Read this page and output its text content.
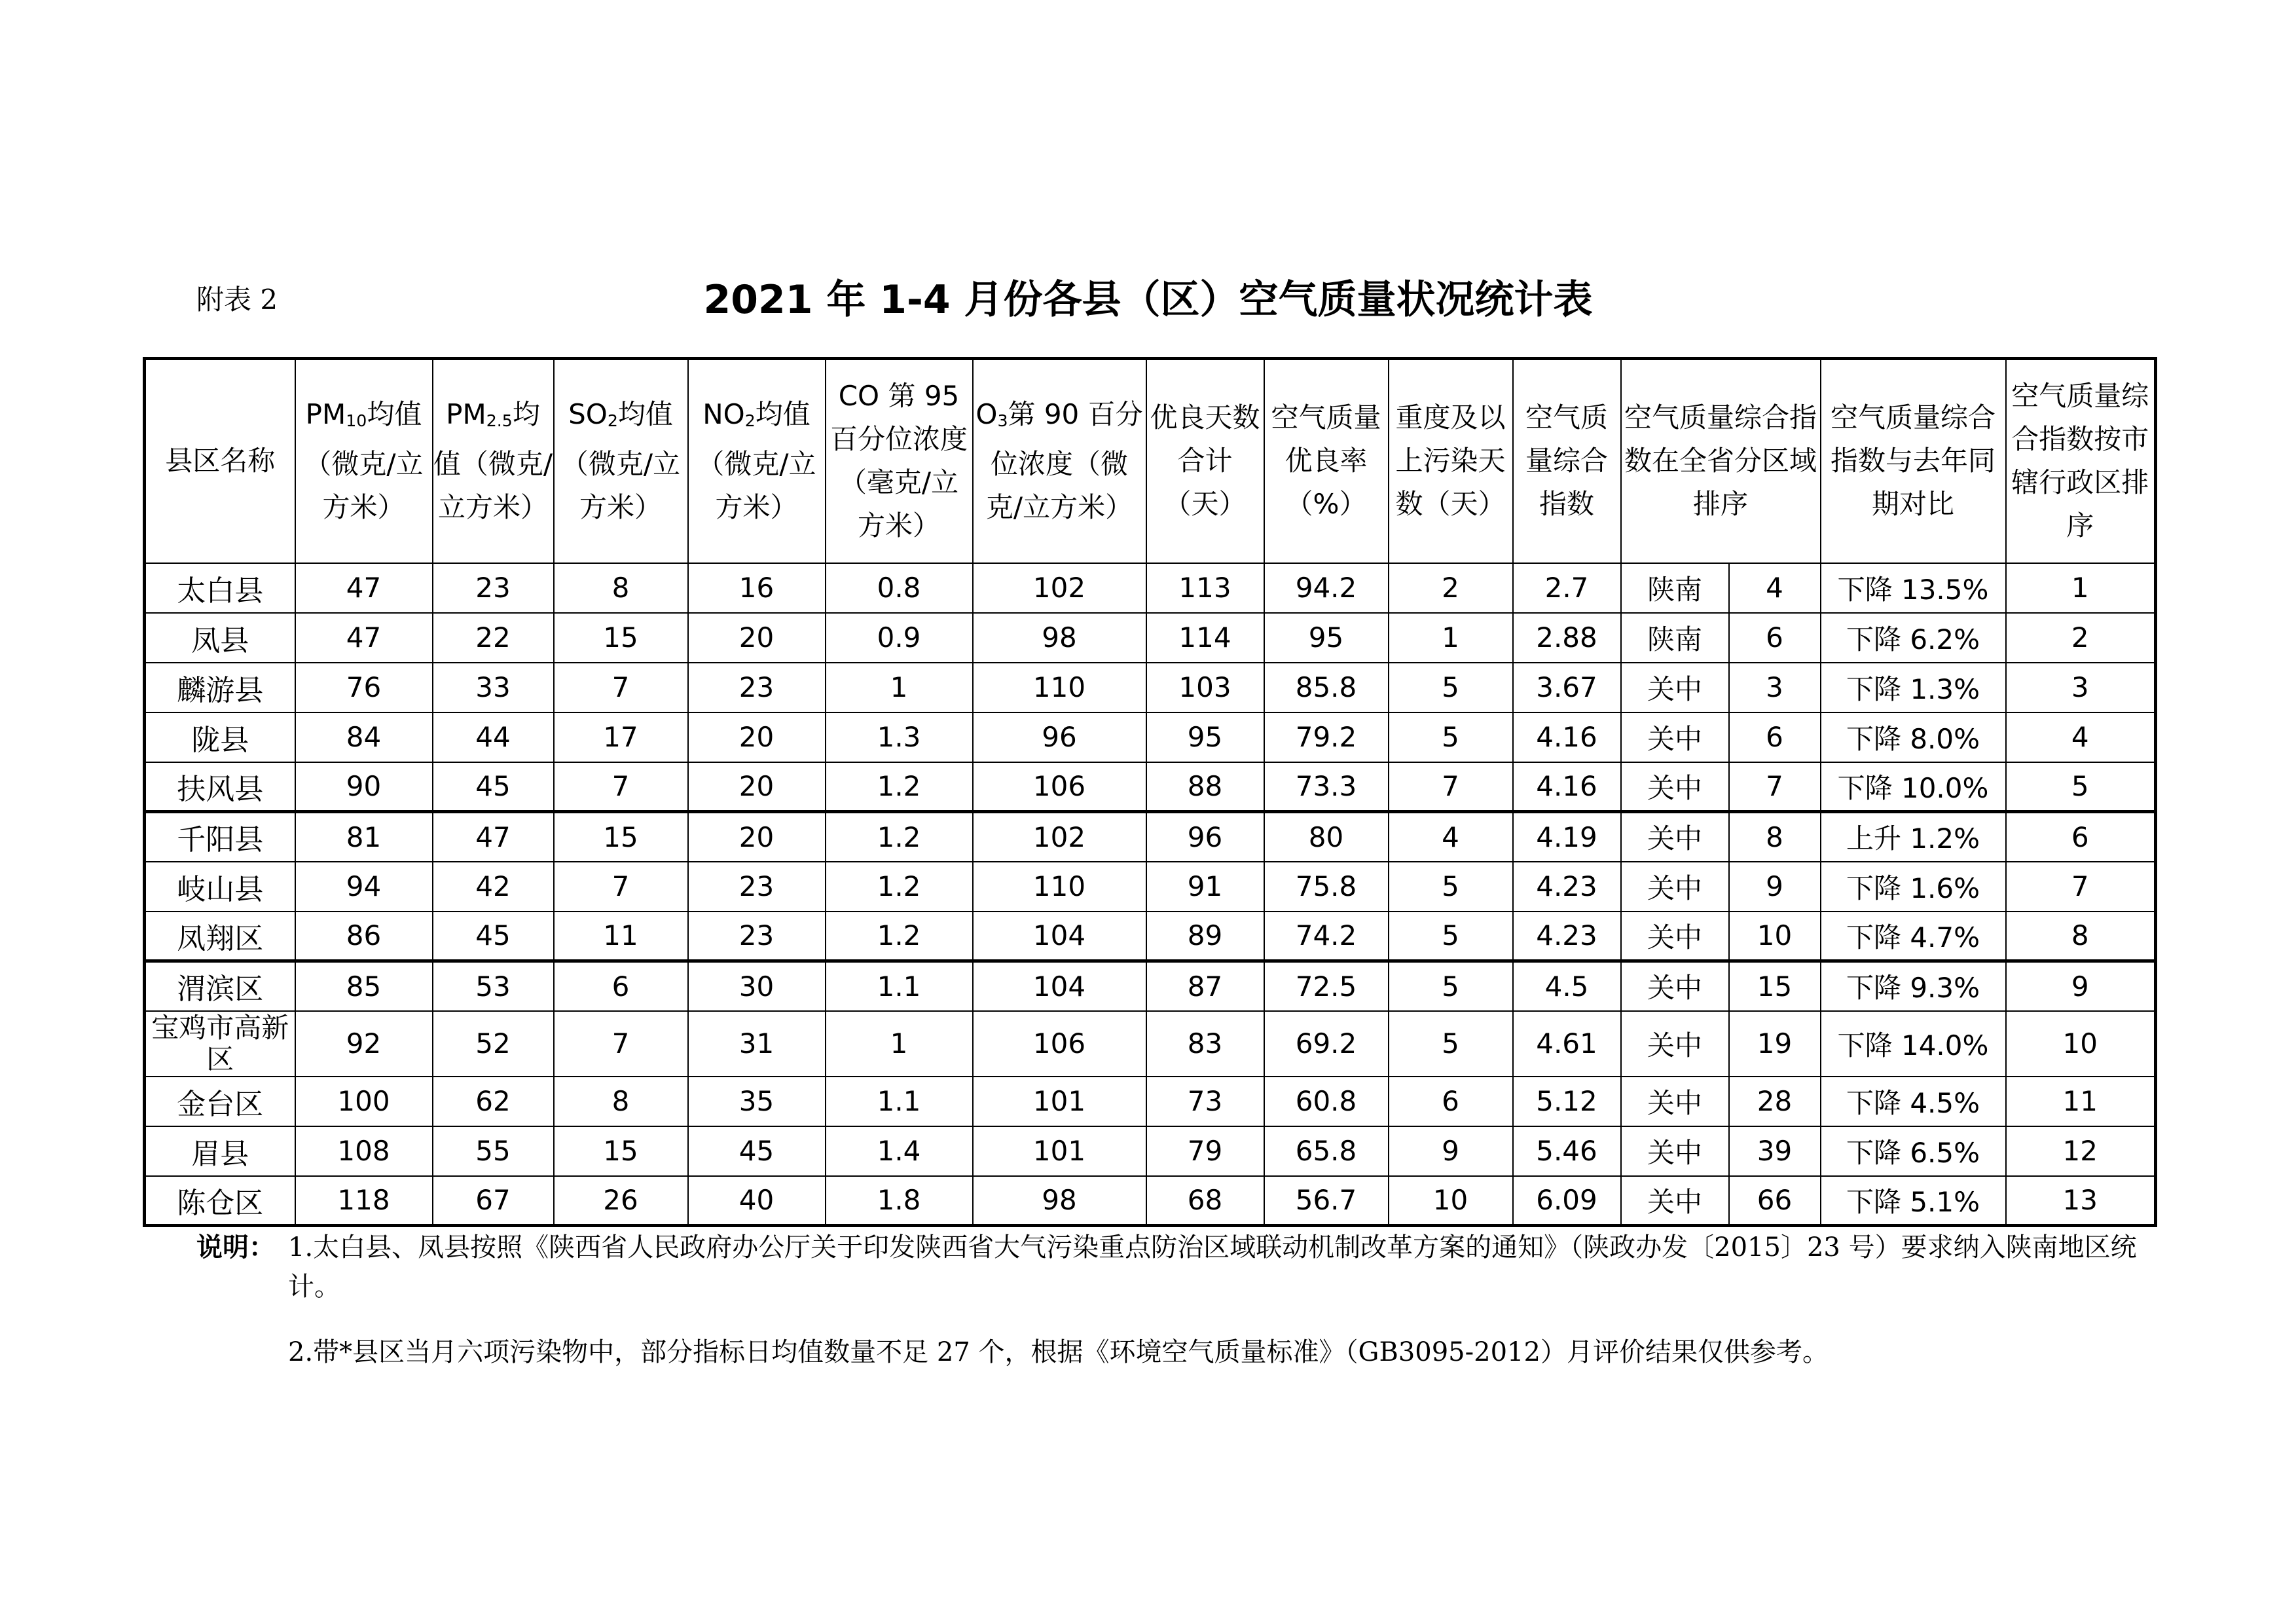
附表 2	2021 年 1-4 月份各县（区）空气质量状况统计表
县区名称	$PM_{10}$均值（微克/立方米）	$PM_{2.5}$均值（微克/立方米）	$SO_2$均值（微克/立方米）	$NO_2$均值（微克/立方米）	CO 第 95 百分位浓度（毫克/立方米）	$O_3$第 90 百分位浓度（微克/立方米）	优良天数合计（天）	空气质量优良率（%）	重度及以上污染天数（天）	空气质量综合指数	空气质量综合指数在全省分区域排序		空气质量综合指数与去年同期对比	空气质量综合指数按市辖行政区排序
太白县	47	23	8	16	0.8	102	113	94.2	2	2.7	陕南	4	下降 13.5%	1
凤县	47	22	15	20	0.9	98	114	95	1	2.88	陕南	6	下降 6.2%	2
麟游县	76	33	7	23	1	110	103	85.8	5	3.67	关中	3	下降 1.3%	3
陇县	84	44	17	20	1.3	96	95	79.2	5	4.16	关中	6	下降 8.0%	4
扶风县	90	45	7	20	1.2	106	88	73.3	7	4.16	关中	7	下降 10.0%	5
千阳县	81	47	15	20	1.2	102	96	80	4	4.19	关中	8	上升 1.2%	6
岐山县	94	42	7	23	1.2	110	91	75.8	5	4.23	关中	9	下降 1.6%	7
凤翔区	86	45	11	23	1.2	104	89	74.2	5	4.23	关中	10	下降 4.7%	8
渭滨区	85	53	6	30	1.1	104	87	72.5	5	4.5	关中	15	下降 9.3%	9
宝鸡市高新区	92	52	7	31	1	106	83	69.2	5	4.61	关中	19	下降 14.0%	10
金台区	100	62	8	35	1.1	101	73	60.8	6	5.12	关中	28	下降 4.5%	11
眉县	108	55	15	45	1.4	101	79	65.8	9	5.46	关中	39	下降 6.5%	12
陈仓区	118	67	26	40	1.8	98	68	56.7	10	6.09	关中	66	下降 5.1%	13
说明： 1.太白县、凤县按照《陕西省人民政府办公厅关于印发陕西省大气污染重点防治区域联动机制改革方案的通知》（陕政办发〔2015〕23 号）要求纳入陕南地区统计。
2.带*县区当月六项污染物中，部分指标日均值数量不足 27 个，根据《环境空气质量标准》（GB3095-2012）月评价结果仅供参考。
